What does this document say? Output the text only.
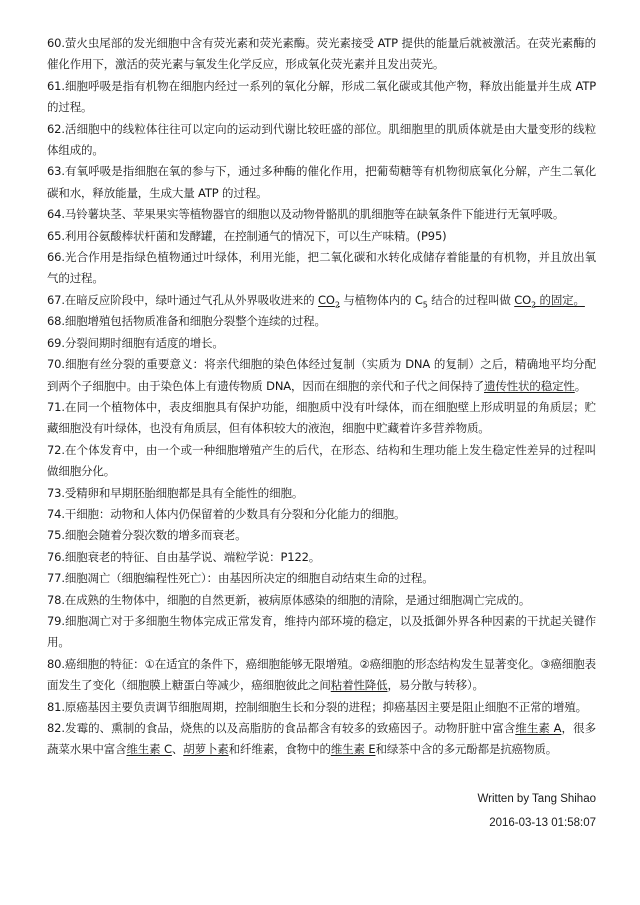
60.萤火虫尾部的发光细胞中含有荧光素和荧光素酶。荧光素接受 ATP 提供的能量后就被激活。在荧光素酶的催化作用下，激活的荧光素与氧发生化学反应，形成氧化荧光素并且发出荧光。

61.细胞呼吸是指有机物在细胞内经过一系列的氧化分解，形成二氧化碳或其他产物，释放出能量并生成 ATP 的过程。

62.活细胞中的线粒体往往可以定向的运动到代谢比较旺盛的部位。肌细胞里的肌质体就是由大量变形的线粒体组成的。

63.有氧呼吸是指细胞在氧的参与下，通过多种酶的催化作用，把葡萄糖等有机物彻底氧化分解，产生二氧化碳和水，释放能量，生成大量 ATP 的过程。

64.马铃薯块茎、苹果果实等植物器官的细胞以及动物骨骼肌的肌细胞等在缺氧条件下能进行无氧呼吸。

65.利用谷氨酸棒状杆菌和发酵罐，在控制通气的情况下，可以生产味精。(P95)

66.光合作用是指绿色植物通过叶绿体，利用光能，把二氧化碳和水转化成储存着能量的有机物，并且放出氧气的过程。

67.在暗反应阶段中，绿叶通过气孔从外界吸收进来的 $CO_2$ 与植物体内的 $C_5$ 结合的过程叫做 $CO_2$ 的固定。

68.细胞增殖包括物质准备和细胞分裂整个连续的过程。

69.分裂间期时细胞有适度的增长。

70.细胞有丝分裂的重要意义：将亲代细胞的染色体经过复制（实质为 DNA 的复制）之后，精确地平均分配到两个子细胞中。由于染色体上有遗传物质 DNA，因而在细胞的亲代和子代之间保持了遗传性状的稳定性。

71.在同一个植物体中，表皮细胞具有保护功能，细胞质中没有叶绿体，而在细胞壁上形成明显的角质层；贮藏细胞没有叶绿体，也没有角质层，但有体积较大的液泡，细胞中贮藏着许多营养物质。

72.在个体发育中，由一个或一种细胞增殖产生的后代，在形态、结构和生理功能上发生稳定性差异的过程叫做细胞分化。

73.受精卵和早期胚胎细胞都是具有全能性的细胞。

74.干细胞：动物和人体内仍保留着的少数具有分裂和分化能力的细胞。

75.细胞会随着分裂次数的增多而衰老。

76.细胞衰老的特征、自由基学说、端粒学说：P122。

77.细胞凋亡（细胞编程性死亡）：由基因所决定的细胞自动结束生命的过程。

78.在成熟的生物体中，细胞的自然更新，被病原体感染的细胞的清除，是通过细胞凋亡完成的。

79.细胞凋亡对于多细胞生物体完成正常发育，维持内部环境的稳定，以及抵御外界各种因素的干扰起关键作用。

80.癌细胞的特征：①在适宜的条件下，癌细胞能够无限增殖。②癌细胞的形态结构发生显著变化。③癌细胞表面发生了变化（细胞膜上糖蛋白等减少，癌细胞彼此之间粘着性降低，易分散与转移）。

81.原癌基因主要负责调节细胞周期，控制细胞生长和分裂的进程；抑癌基因主要是阻止细胞不正常的增殖。

82.发霉的、熏制的食品，烧焦的以及高脂肪的食品都含有较多的致癌因子。动物肝脏中富含维生素 A，很多蔬菜水果中富含维生素 C、胡萝卜素和纤维素，食物中的维生素 E和绿茶中含的多元酚都是抗癌物质。

Written by Tang Shihao
2016-03-13 01:58:07
